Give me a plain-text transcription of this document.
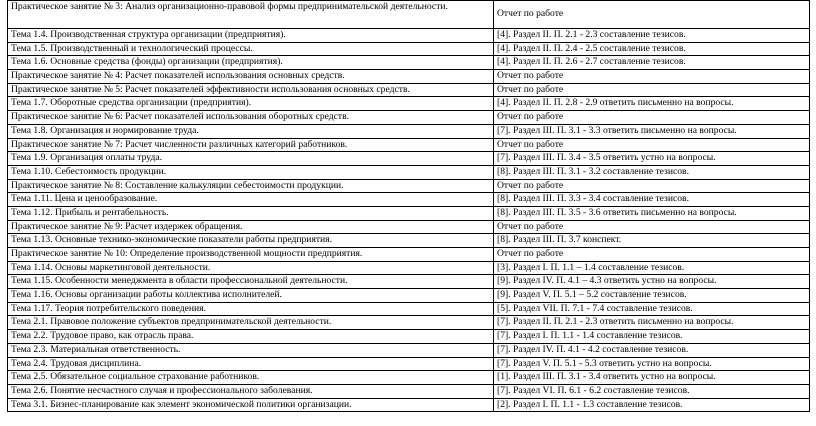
Практическое занятие № 3: Анализ организационно-правовой формы предпринимательской деятельности.	Отчет по работе
Тема 1.4. Производственная структура организации (предприятия).	[4]. Раздел II. П. 2.1 - 2.3 составление тезисов.
Тема 1.5. Производственный и технологический процессы.	[4]. Раздел II. П. 2.4 - 2.5 составление тезисов.
Тема 1.6. Основные средства (фонды) организации (предприятия).	[4]. Раздел II. П. 2.6 - 2.7 составление тезисов.
Практическое занятие № 4: Расчет показателей использования основных средств.	Отчет по работе
Практическое занятие № 5: Расчет показателей эффективности использования основных средств.	Отчет по работе
Тема 1.7. Оборотные средства организации (предприятия).	[4]. Раздел II. П. 2.8 - 2.9 ответить письменно на вопросы.
Практическое занятие № 6: Расчет показателей использования оборотных средств.	Отчет по работе
Тема 1.8. Организация и нормирование труда.	[7]. Раздел III. П. 3.1 - 3.3 ответить письменно на вопросы.
Практическое занятие № 7: Расчет численности различных категорий работников.	Отчет по работе
Тема 1.9. Организация оплаты труда.	[7]. Раздел III. П. 3.4 - 3.5 ответить устно на вопросы.
Тема 1.10. Себестоимость продукции.	[8]. Раздел III. П. 3.1 - 3.2 составление тезисов.
Практическое занятие № 8: Составление калькуляции себестоимости продукции.	Отчет по работе
Тема 1.11. Цена и ценообразование.	[8]. Раздел III. П. 3.3 - 3.4 составление тезисов.
Тема 1.12. Прибыль и рентабельность.	[8]. Раздел III. П. 3.5 - 3.6 ответить письменно на вопросы.
Практическое занятие № 9: Расчет издержек обращения.	Отчет по работе
Тема 1.13. Основные технико-экономические показатели работы предприятия.	[8]. Раздел III. П. 3.7 конспект.
Практическое занятие № 10: Определение производственной мощности предприятия.	Отчет по работе
Тема 1.14. Основы маркетинговой деятельности.	[3]. Раздел I. П. 1.1 – 1.4 составление тезисов.
Тема 1.15. Особенности менеджмента в области профессиональной деятельности.	[9]. Раздел IV. П. 4.1 – 4.3 ответить устно на вопросы.
Тема 1.16. Основы организации работы коллектива исполнителей.	[9]. Раздел V. П. 5.1 – 5.2 составление тезисов.
Тема 1.17. Теория потребительского поведения.	[5]. Раздел VII. П. 7.1 - 7.4 составление тезисов.
Тема 2.1. Правовое положение субъектов предпринимательской деятельности.	[7]. Раздел II. П. 2.1 - 2.3 ответить письменно на вопросы.
Тема 2.2. Трудовое право, как отрасль права.	[7]. Раздел I. П. 1.1 - 1.4 составление тезисов.
Тема 2.3. Материальная ответственность.	[7]. Раздел IV. П. 4.1 - 4.2 составление тезисов.
Тема 2.4. Трудовая дисциплина.	[7]. Раздел V. П. 5.1 - 5.3 ответить устно на вопросы.
Тема 2.5. Обязательное социальное страхование работников.	[1]. Раздел III. П. 3.1 - 3.4 ответить устно на вопросы.
Тема 2.6. Понятие несчастного случая и профессионального заболевания.	[7]. Раздел VI. П. 6.1 - 6.2 составление тезисов.
Тема 3.1. Бизнес-планирование как элемент экономической политики организации.	[2]. Раздел I. П. 1.1 - 1.3 составление тезисов.
